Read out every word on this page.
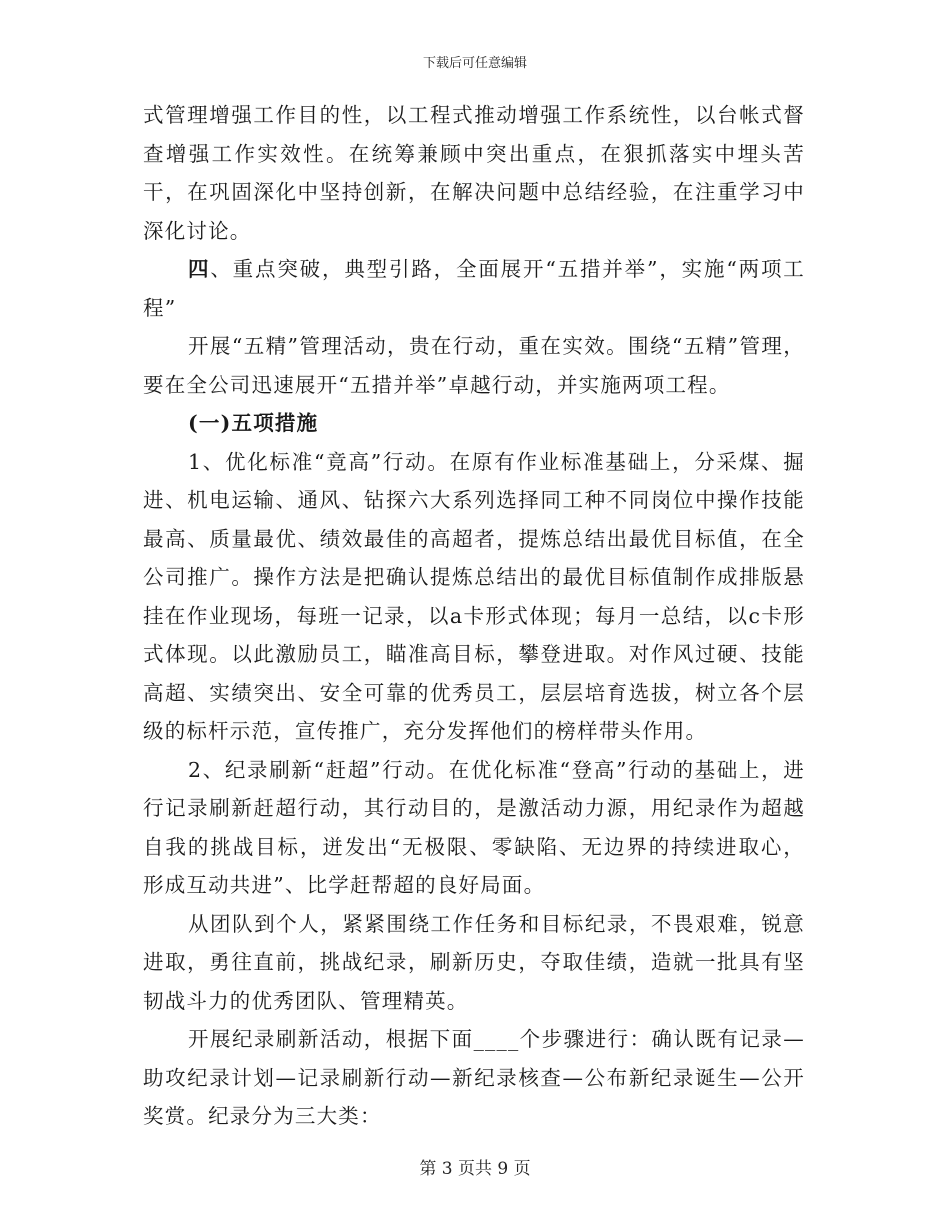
下载后可任意编辑

式管理增强工作目的性，以工程式推动增强工作系统性，以台帐式督查增强工作实效性。在统筹兼顾中突出重点，在狠抓落实中埋头苦干，在巩固深化中坚持创新，在解决问题中总结经验，在注重学习中深化讨论。

四、重点突破，典型引路，全面展开“五措并举”，实施“两项工程”

开展“五精”管理活动，贵在行动，重在实效。围绕“五精”管理，要在全公司迅速展开“五措并举”卓越行动，并实施两项工程。

(一)五项措施

1、优化标准“竟高”行动。在原有作业标准基础上，分采煤、掘进、机电运输、通风、钻探六大系列选择同工种不同岗位中操作技能最高、质量最优、绩效最佳的高超者，提炼总结出最优目标值，在全公司推广。操作方法是把确认提炼总结出的最优目标值制作成排版悬挂在作业现场，每班一记录，以a卡形式体现；每月一总结，以c卡形式体现。以此激励员工，瞄准高目标，攀登进取。对作风过硬、技能高超、实绩突出、安全可靠的优秀员工，层层培育选拔，树立各个层级的标杆示范，宣传推广，充分发挥他们的榜样带头作用。

2、纪录刷新“赶超”行动。在优化标准“登高”行动的基础上，进行记录刷新赶超行动，其行动目的，是激活动力源，用纪录作为超越自我的挑战目标，迸发出“无极限、零缺陷、无边界的持续进取心，形成互动共进”、比学赶帮超的良好局面。

从团队到个人，紧紧围绕工作任务和目标纪录，不畏艰难，锐意进取，勇往直前，挑战纪录，刷新历史，夺取佳绩，造就一批具有坚韧战斗力的优秀团队、管理精英。

开展纪录刷新活动，根据下面____个步骤进行：确认既有记录—助攻纪录计划—记录刷新行动—新纪录核查—公布新纪录诞生—公开奖赏。纪录分为三大类：

第 3 页共 9 页
